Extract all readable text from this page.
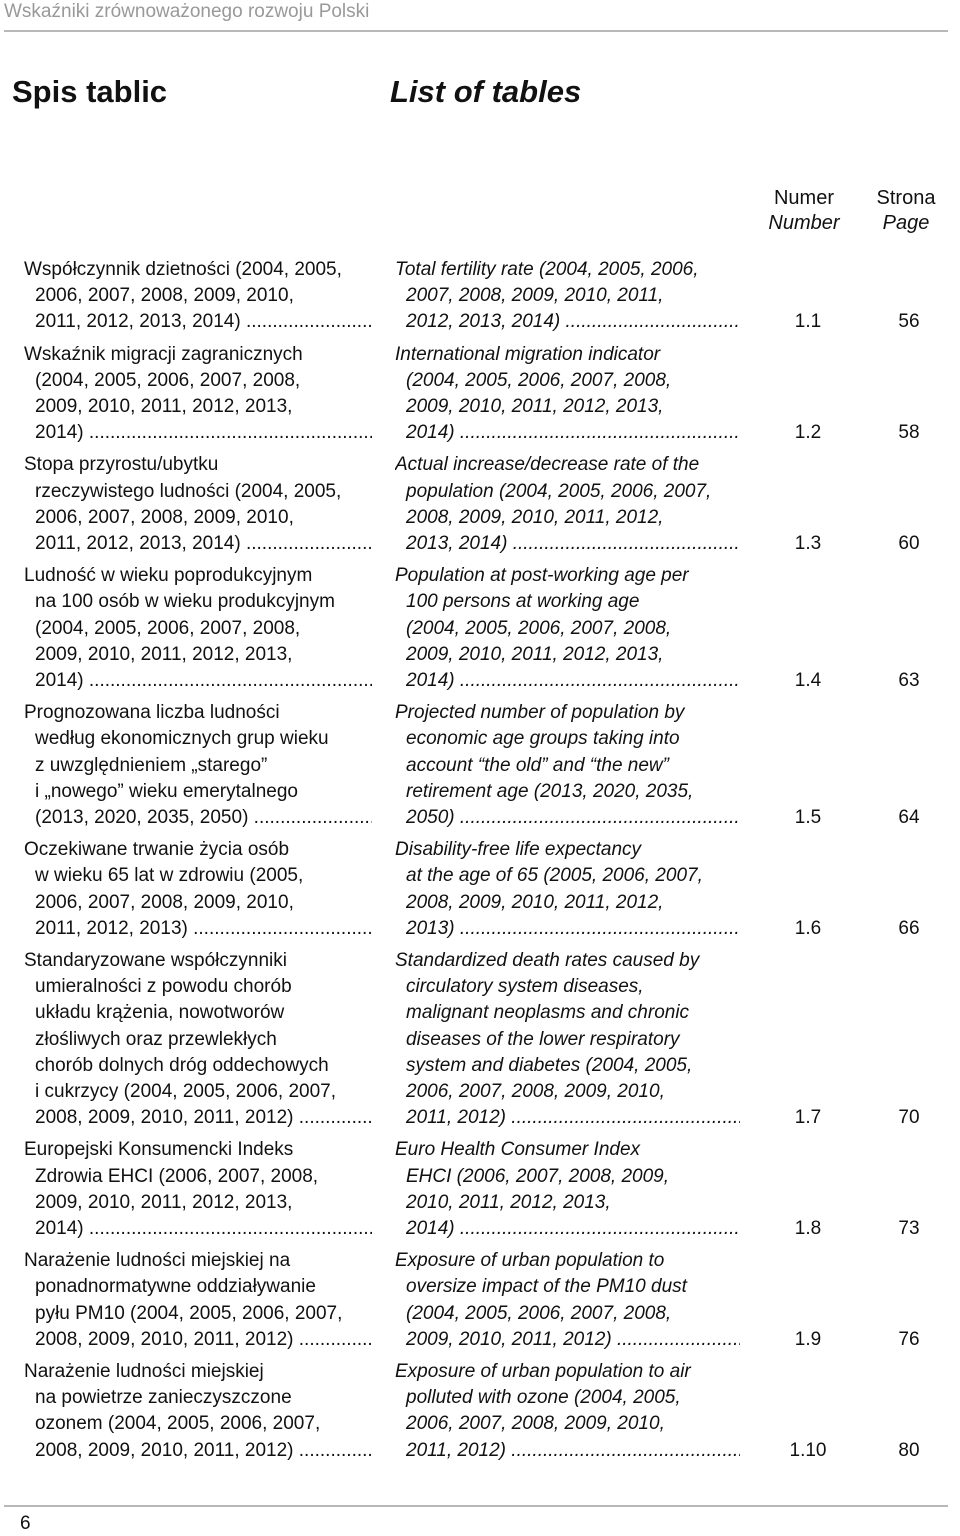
Wskaźniki zrównoważonego rozwoju Polski
Spis tablic	List of tables
Numer
Number
Strona
Page
Współczynnik dzietności (2004, 2005,
2006, 2007, 2008, 2009, 2010,
2011, 2012, 2013, 2014) .....
Total fertility rate (2004, 2005, 2006,
2007, 2008, 2009, 2010, 2011,
2012, 2013, 2014) .....	1.1	56
Wskaźnik migracji zagranicznych
(2004, 2005, 2006, 2007, 2008,
2009, 2010, 2011, 2012, 2013,
2014) .....
International migration indicator
(2004, 2005, 2006, 2007, 2008,
2009, 2010, 2011, 2012, 2013,
2014) .....	1.2	58
Stopa przyrostu/ubytku
rzeczywistego ludności (2004, 2005,
2006, 2007, 2008, 2009, 2010,
2011, 2012, 2013, 2014) .....
Actual increase/decrease rate of the
population (2004, 2005, 2006, 2007,
2008, 2009, 2010, 2011, 2012,
2013, 2014) .....	1.3	60
Ludność w wieku poprodukcyjnym
na 100 osób w wieku produkcyjnym
(2004, 2005, 2006, 2007, 2008,
2009, 2010, 2011, 2012, 2013,
2014) .....
Population at post-working age per
100 persons at working age
(2004, 2005, 2006, 2007, 2008,
2009, 2010, 2011, 2012, 2013,
2014) .....	1.4	63
Prognozowana liczba ludności
według ekonomicznych grup wieku
z uwzględnieniem „starego”
i „nowego” wieku emerytalnego
(2013, 2020, 2035, 2050) .....
Projected number of population by
economic age groups taking into
account “the old” and “the new”
retirement age (2013, 2020, 2035,
2050) .....	1.5	64
Oczekiwane trwanie życia osób
w wieku 65 lat w zdrowiu (2005,
2006, 2007, 2008, 2009, 2010,
2011, 2012, 2013) .....
Disability-free life expectancy
at the age of 65 (2005, 2006, 2007,
2008, 2009, 2010, 2011, 2012,
2013) .....	1.6	66
Standaryzowane współczynniki
umieralności z powodu chorób
układu krążenia, nowotworów
złośliwych oraz przewlekłych
chorób dolnych dróg oddechowych
i cukrzycy (2004, 2005, 2006, 2007,
2008, 2009, 2010, 2011, 2012) .....
Standardized death rates caused by
circulatory system diseases,
malignant neoplasms and chronic
diseases of the lower respiratory
system and diabetes (2004, 2005,
2006, 2007, 2008, 2009, 2010,
2011, 2012) .....	1.7	70
Europejski Konsumencki Indeks
Zdrowia EHCI (2006, 2007, 2008,
2009, 2010, 2011, 2012, 2013,
2014) .....
Euro Health Consumer Index
EHCI (2006, 2007, 2008, 2009,
2010, 2011, 2012, 2013,
2014) .....	1.8	73
Narażenie ludności miejskiej na
ponadnormatywne oddziaływanie
pyłu PM10 (2004, 2005, 2006, 2007,
2008, 2009, 2010, 2011, 2012) .....
Exposure of urban population to
oversize impact of the PM10 dust
(2004, 2005, 2006, 2007, 2008,
2009, 2010, 2011, 2012) .....	1.9	76
Narażenie ludności miejskiej
na powietrze zanieczyszczone
ozonem (2004, 2005, 2006, 2007,
2008, 2009, 2010, 2011, 2012) .....
Exposure of urban population to air
polluted with ozone (2004, 2005,
2006, 2007, 2008, 2009, 2010,
2011, 2012) .....	1.10	80
6
